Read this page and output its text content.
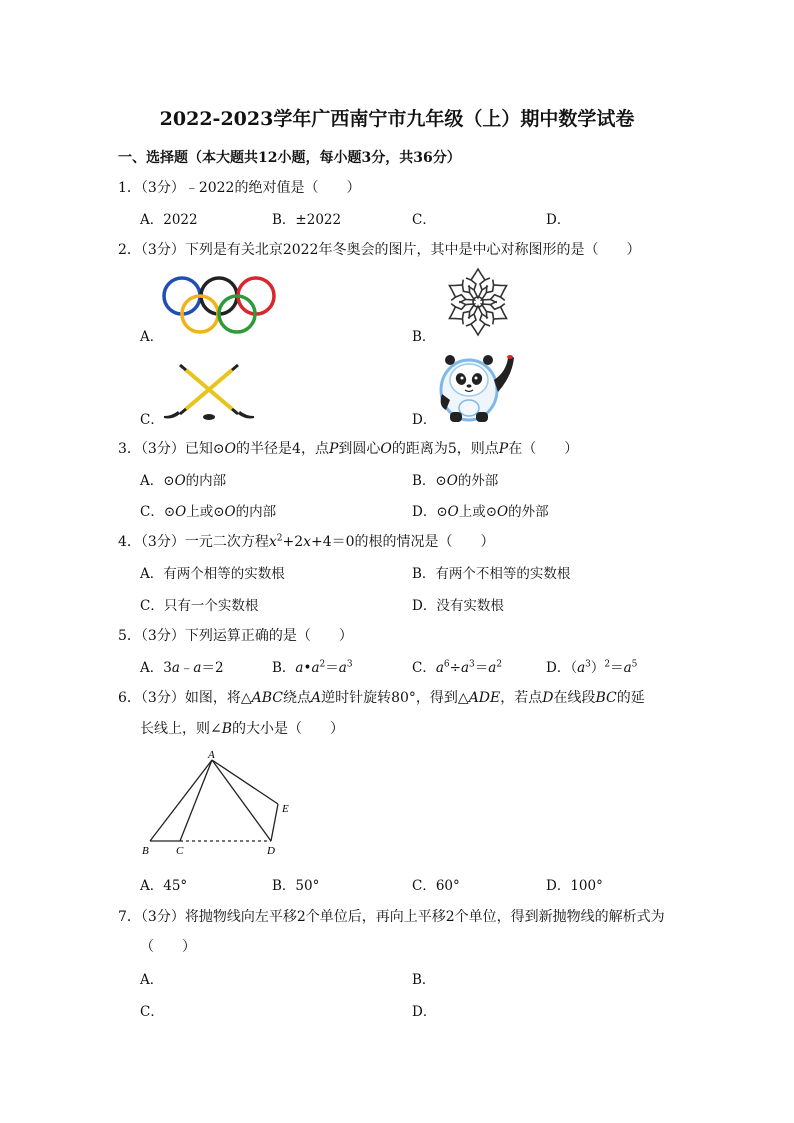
2022-2023学年广西南宁市九年级（上）期中数学试卷
一、选择题（本大题共12小题，每小题3分，共36分）
1．（3分）﹣2022的绝对值是（　　）
A．2022	B．±2022	C．	D．
2．（3分）下列是有关北京2022年冬奥会的图片，其中是中心对称图形的是（　　）
A．	B．
C．	D．
3．（3分）已知⊙O的半径是4，点P到圆心O的距离为5，则点P在（　　）
A．⊙O的内部	B．⊙O的外部
C．⊙O上或⊙O的内部	D．⊙O上或⊙O的外部
4．（3分）一元二次方程$x^2+2x+4=0$的根的情况是（　　）
A．有两个相等的实数根	B．有两个不相等的实数根
C．只有一个实数根	D．没有实数根
5．（3分）下列运算正确的是（　　）
A．3a﹣a＝2	B．$a•a^2=a^3$	C．$a^6\div a^3=a^2$	D．$(a^3)^2=a^5$
6．（3分）如图，将△ABC绕点A逆时针旋转80°，得到△ADE，若点D在线段BC的延
长线上，则∠B的大小是（　　）
A
E
B C	D
A．45°	B．50°	C．60°	D．100°
7．（3分）将抛物线向左平移2个单位后，再向上平移2个单位，得到新抛物线的解析式为
（　　）
A．	B．
C．	D．
